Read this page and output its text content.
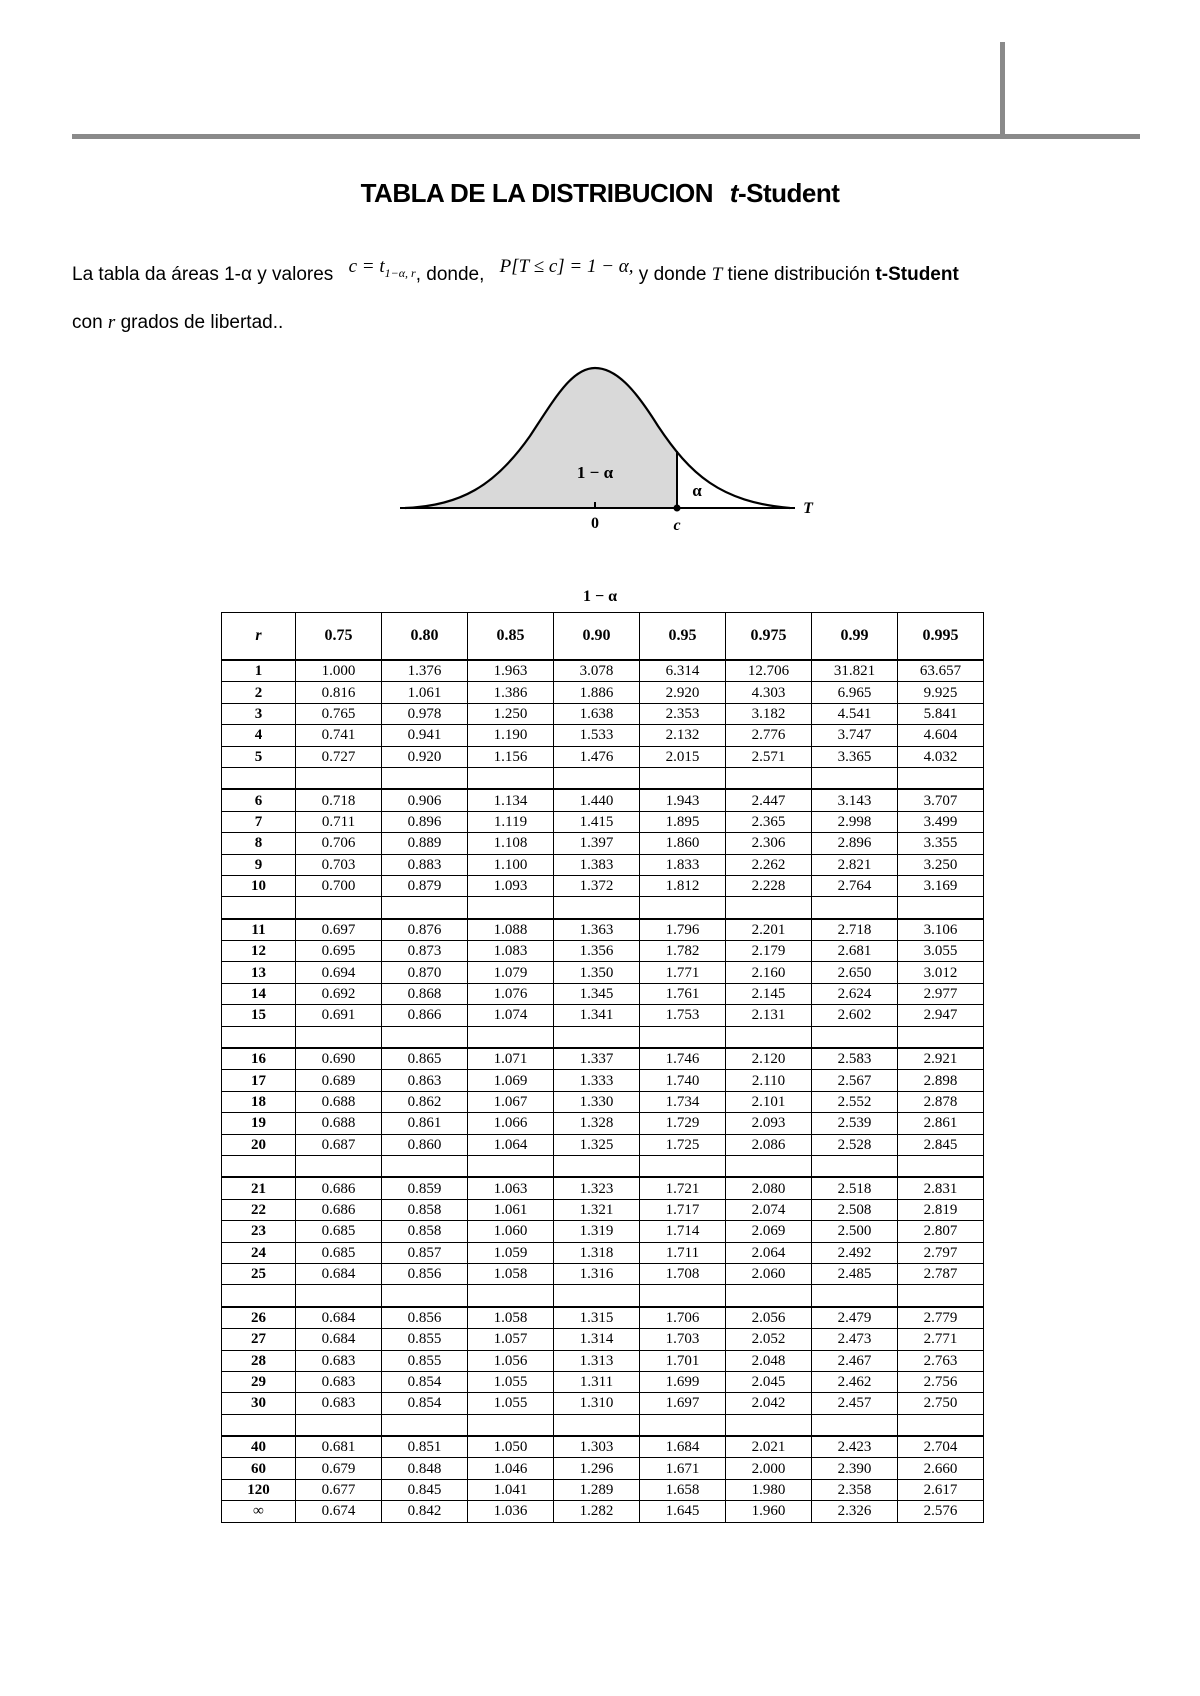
TABLA DE LA DISTRIBUCION t-Student
La tabla da áreas 1-α y valores $c = t_{1-\alpha, r}$, donde, P[T ≤ c] = 1 − α, y donde T tiene distribución t-Student
con r grados de libertad..
1 − α
α
0	c
T
1 − α
r	0.75	0.80	0.85	0.90	0.95	0.975	0.99	0.995
1	1.000	1.376	1.963	3.078	6.314	12.706	31.821	63.657
2	0.816	1.061	1.386	1.886	2.920	4.303	6.965	9.925
3	0.765	0.978	1.250	1.638	2.353	3.182	4.541	5.841
4	0.741	0.941	1.190	1.533	2.132	2.776	3.747	4.604
5	0.727	0.920	1.156	1.476	2.015	2.571	3.365	4.032

6	0.718	0.906	1.134	1.440	1.943	2.447	3.143	3.707
7	0.711	0.896	1.119	1.415	1.895	2.365	2.998	3.499
8	0.706	0.889	1.108	1.397	1.860	2.306	2.896	3.355
9	0.703	0.883	1.100	1.383	1.833	2.262	2.821	3.250
10	0.700	0.879	1.093	1.372	1.812	2.228	2.764	3.169

11	0.697	0.876	1.088	1.363	1.796	2.201	2.718	3.106
12	0.695	0.873	1.083	1.356	1.782	2.179	2.681	3.055
13	0.694	0.870	1.079	1.350	1.771	2.160	2.650	3.012
14	0.692	0.868	1.076	1.345	1.761	2.145	2.624	2.977
15	0.691	0.866	1.074	1.341	1.753	2.131	2.602	2.947

16	0.690	0.865	1.071	1.337	1.746	2.120	2.583	2.921
17	0.689	0.863	1.069	1.333	1.740	2.110	2.567	2.898
18	0.688	0.862	1.067	1.330	1.734	2.101	2.552	2.878
19	0.688	0.861	1.066	1.328	1.729	2.093	2.539	2.861
20	0.687	0.860	1.064	1.325	1.725	2.086	2.528	2.845

21	0.686	0.859	1.063	1.323	1.721	2.080	2.518	2.831
22	0.686	0.858	1.061	1.321	1.717	2.074	2.508	2.819
23	0.685	0.858	1.060	1.319	1.714	2.069	2.500	2.807
24	0.685	0.857	1.059	1.318	1.711	2.064	2.492	2.797
25	0.684	0.856	1.058	1.316	1.708	2.060	2.485	2.787

26	0.684	0.856	1.058	1.315	1.706	2.056	2.479	2.779
27	0.684	0.855	1.057	1.314	1.703	2.052	2.473	2.771
28	0.683	0.855	1.056	1.313	1.701	2.048	2.467	2.763
29	0.683	0.854	1.055	1.311	1.699	2.045	2.462	2.756
30	0.683	0.854	1.055	1.310	1.697	2.042	2.457	2.750

40	0.681	0.851	1.050	1.303	1.684	2.021	2.423	2.704
60	0.679	0.848	1.046	1.296	1.671	2.000	2.390	2.660
120	0.677	0.845	1.041	1.289	1.658	1.980	2.358	2.617
∞	0.674	0.842	1.036	1.282	1.645	1.960	2.326	2.576
